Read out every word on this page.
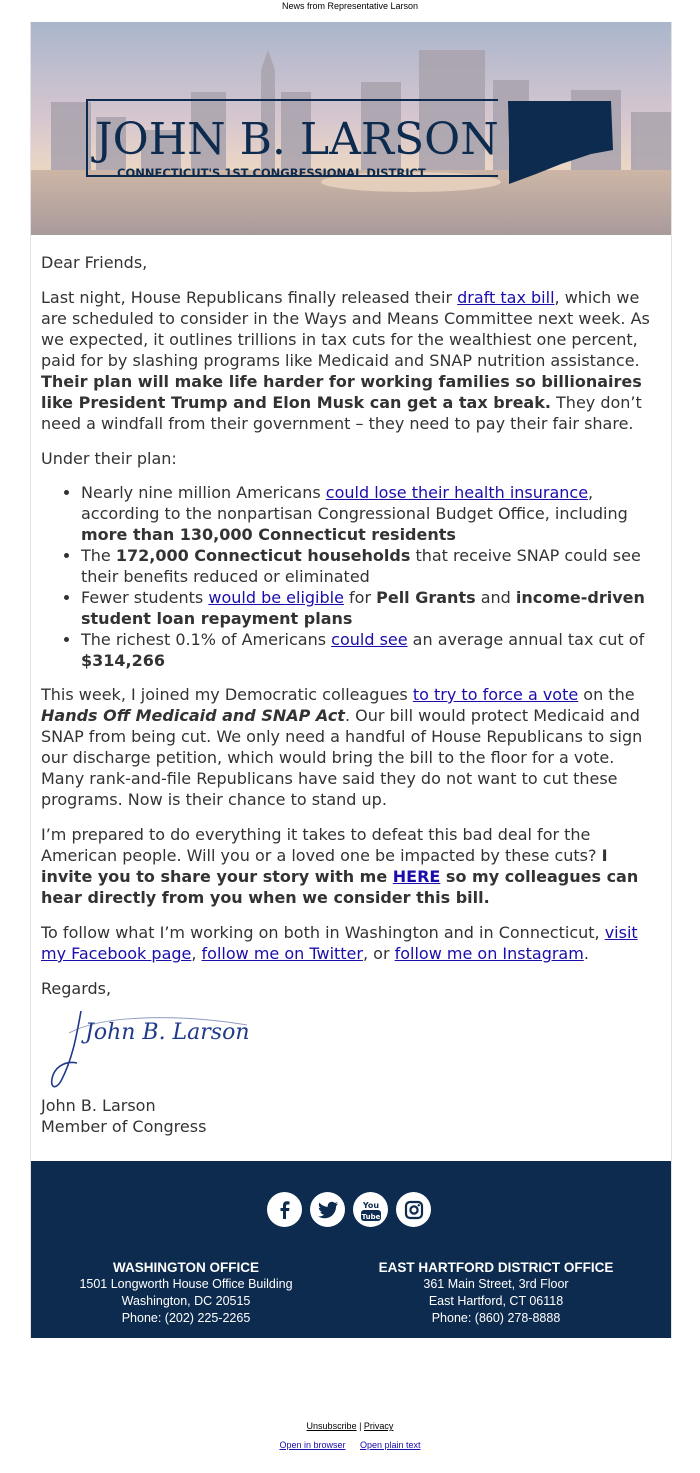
News from Representative Larson
JOHN B. LARSON
CONNECTICUT'S 1ST CONGRESSIONAL DISTRICT

Dear Friends,

Last night, House Republicans finally released their draft tax bill, which we are scheduled to consider in the Ways and Means Committee next week. As we expected, it outlines trillions in tax cuts for the wealthiest one percent, paid for by slashing programs like Medicaid and SNAP nutrition assistance. Their plan will make life harder for working families so billionaires like President Trump and Elon Musk can get a tax break. They don’t need a windfall from their government – they need to pay their fair share.

Under their plan:

• Nearly nine million Americans could lose their health insurance, according to the nonpartisan Congressional Budget Office, including more than 130,000 Connecticut residents
• The 172,000 Connecticut households that receive SNAP could see their benefits reduced or eliminated
• Fewer students would be eligible for Pell Grants and income-driven student loan repayment plans
• The richest 0.1% of Americans could see an average annual tax cut of $314,266

This week, I joined my Democratic colleagues to try to force a vote on the Hands Off Medicaid and SNAP Act. Our bill would protect Medicaid and SNAP from being cut. We only need a handful of House Republicans to sign our discharge petition, which would bring the bill to the floor for a vote. Many rank-and-file Republicans have said they do not want to cut these programs. Now is their chance to stand up.

I’m prepared to do everything it takes to defeat this bad deal for the American people. Will you or a loved one be impacted by these cuts? I invite you to share your story with me HERE so my colleagues can hear directly from you when we consider this bill.

To follow what I’m working on both in Washington and in Connecticut, visit my Facebook page, follow me on Twitter, or follow me on Instagram.

Regards,

John B. Larson
John B. Larson
Member of Congress
You
Tube
WASHINGTON OFFICE
1501 Longworth House Office Building
Washington, DC 20515
Phone: (202) 225-2265
EAST HARTFORD DISTRICT OFFICE
361 Main Street, 3rd Floor
East Hartford, CT 06118
Phone: (860) 278-8888
Unsubscribe | Privacy
Open in browser Open plain text
